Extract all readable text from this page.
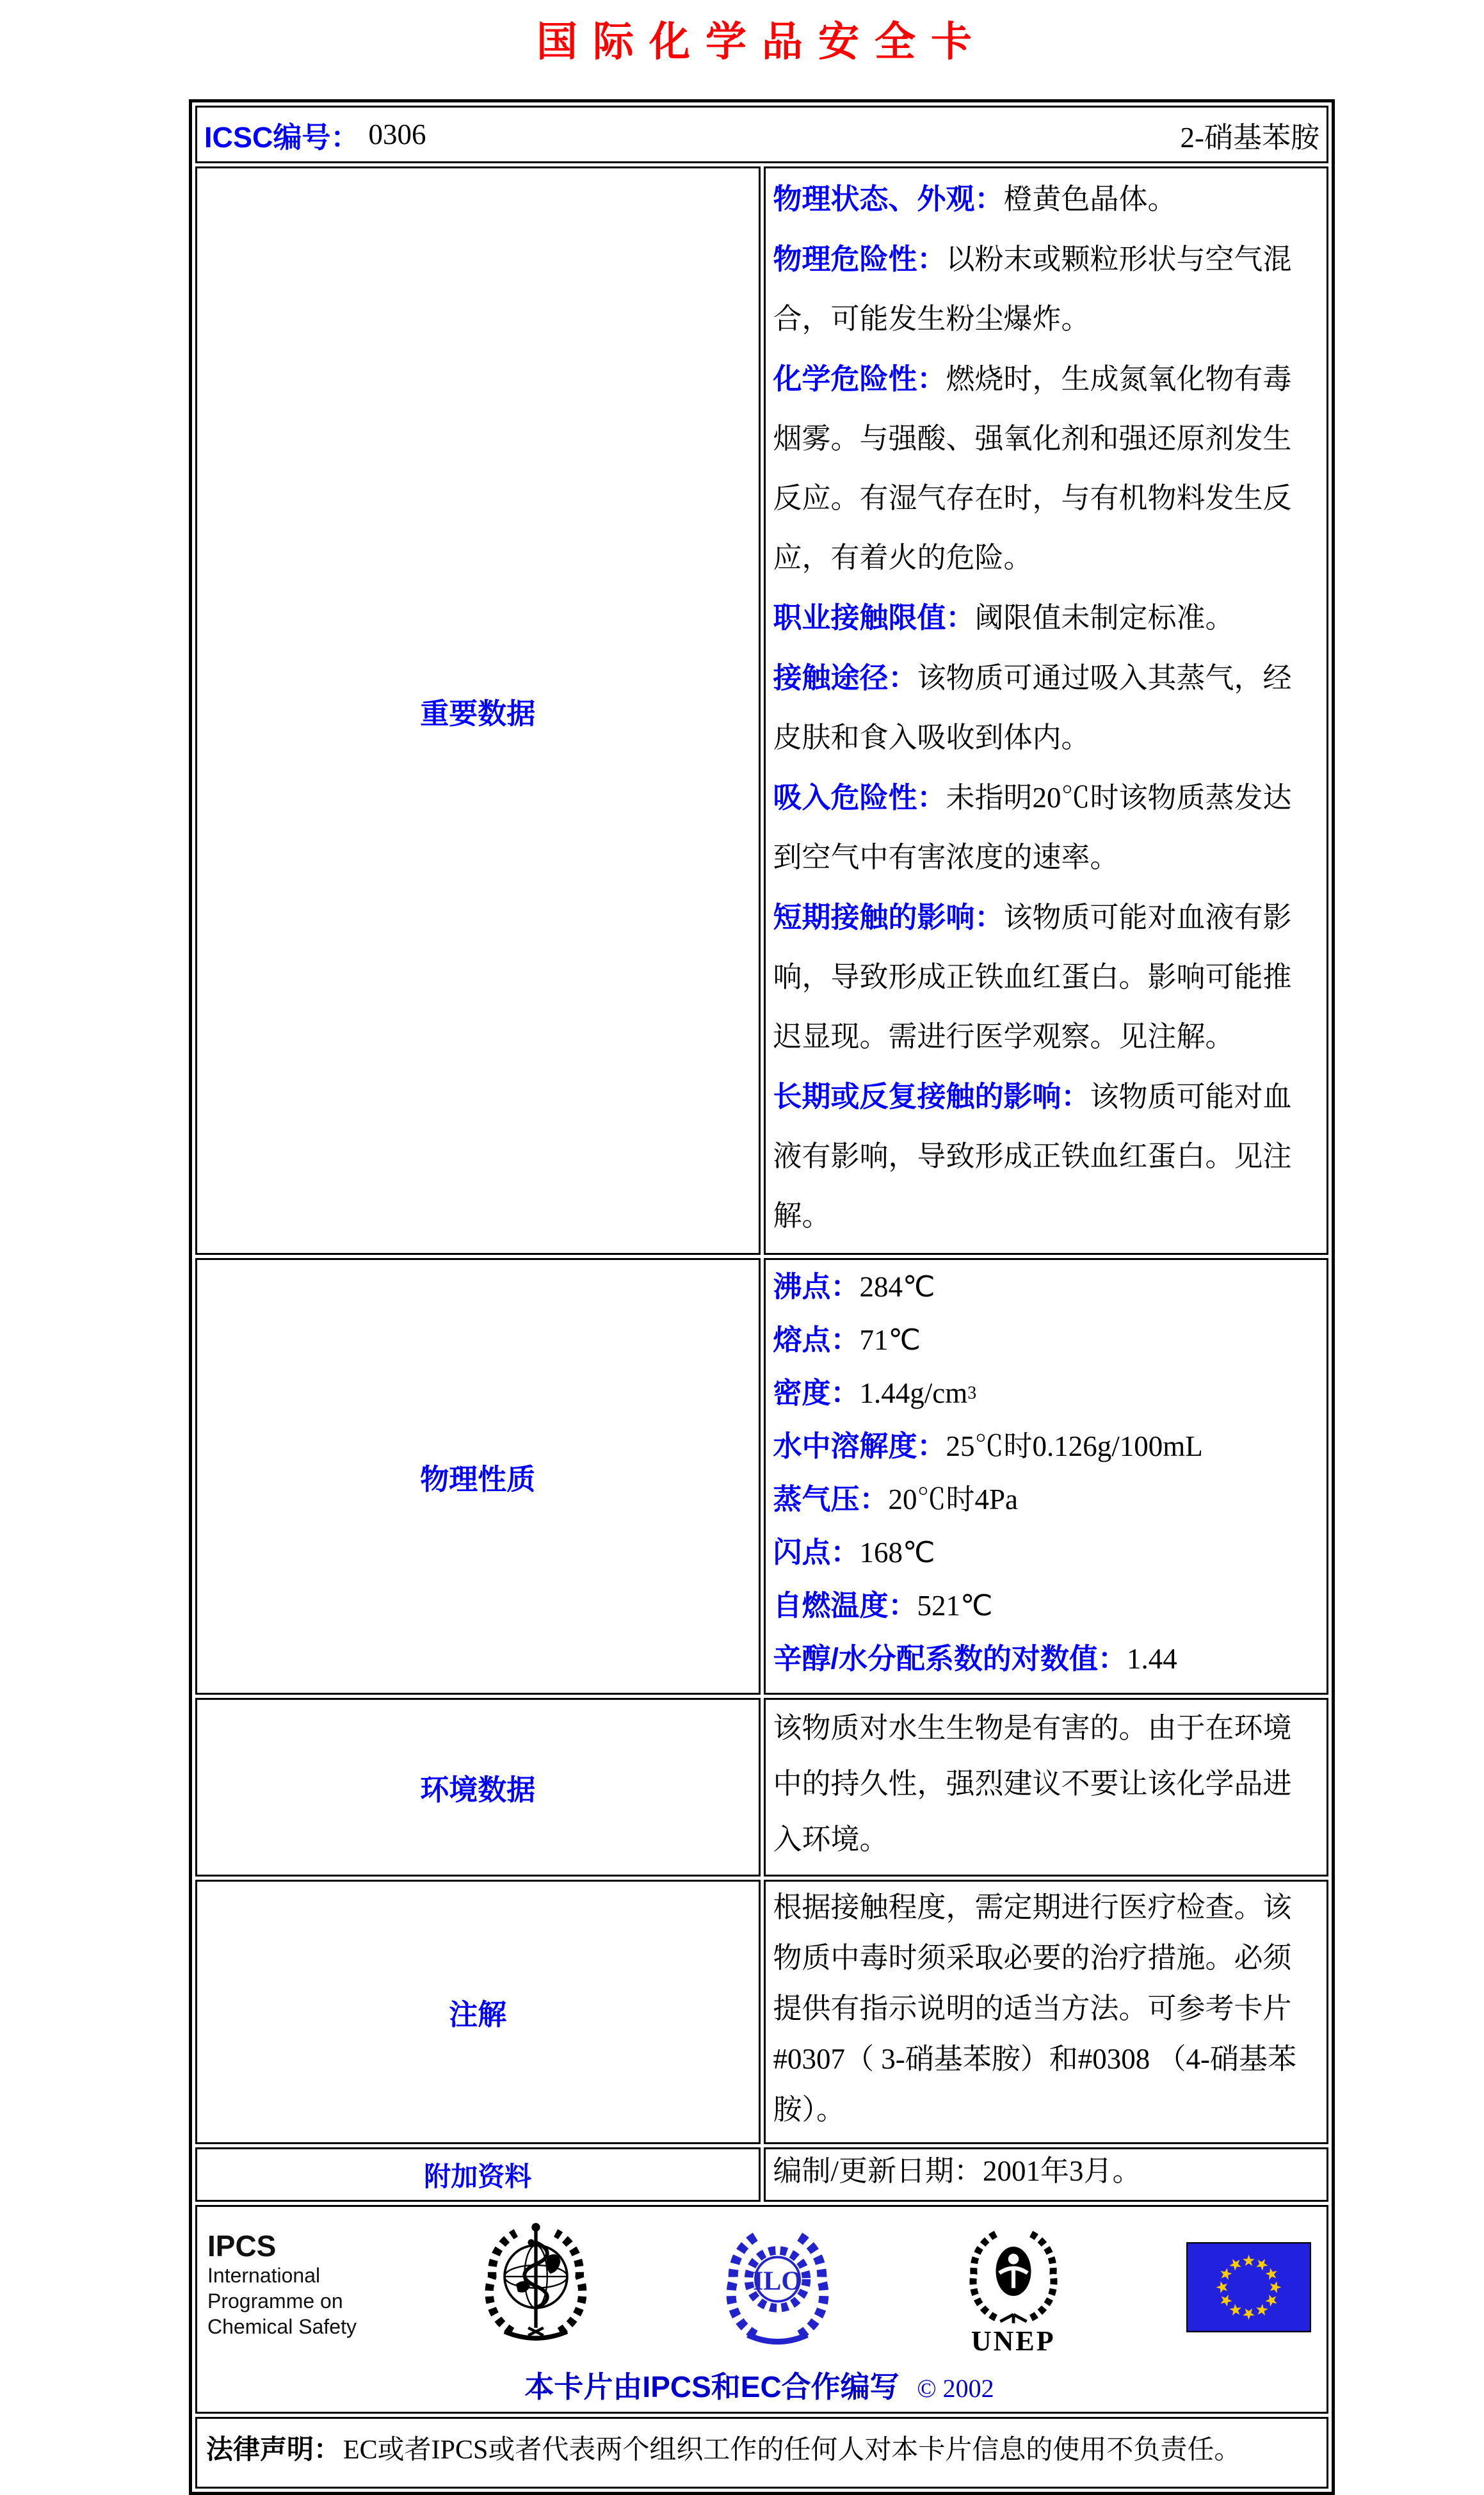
国际化学品安全卡
ICSC编号： 0306 2-硝基苯胺	

重要数据	
物理状态、外观：橙黄色晶体。
物理危险性：以粉末或颗粒形状与空气混合，可能发生粉尘爆炸。
化学危险性：燃烧时，生成氮氧化物有毒烟雾。与强酸、强氧化剂和强还原剂发生反应。有湿气存在时，与有机物料发生反应，有着火的危险。
职业接触限值：阈限值未制定标准。
接触途径：该物质可通过吸入其蒸气，经皮肤和食入吸收到体内。
吸入危险性：未指明20℃时该物质蒸发达到空气中有害浓度的速率。
短期接触的影响：该物质可能对血液有影响，导致形成正铁血红蛋白。影响可能推迟显现。需进行医学观察。见注解。
长期或反复接触的影响：该物质可能对血液有影响，导致形成正铁血红蛋白。见注解。

物理性质	
沸点：284℃
熔点：71℃
密度：$1.44g/cm^3$
水中溶解度：25℃时0.126g/100mL
蒸气压：20℃时4Pa
闪点：168℃
自燃温度：521℃
辛醇/水分配系数的对数值：1.44

环境数据	该物质对水生生物是有害的。由于在环境中的持久性，强烈建议不要让该化学品进入环境。

注解	根据接触程度，需定期进行医疗检查。该物质中毒时须采取必要的治疗措施。必须提供有指示说明的适当方法。可参考卡片#0307（ 3-硝基苯胺）和#0308 （4-硝基苯胺）。

附加资料	编制/更新日期：2001年3月。

IPCS
International
Programme on
Chemical Safety
ILO
UNEP
本卡片由IPCS和EC合作编写 © 2002

法律声明： EC或者IPCS或者代表两个组织工作的任何人对本卡片信息的使用不负责任。	
